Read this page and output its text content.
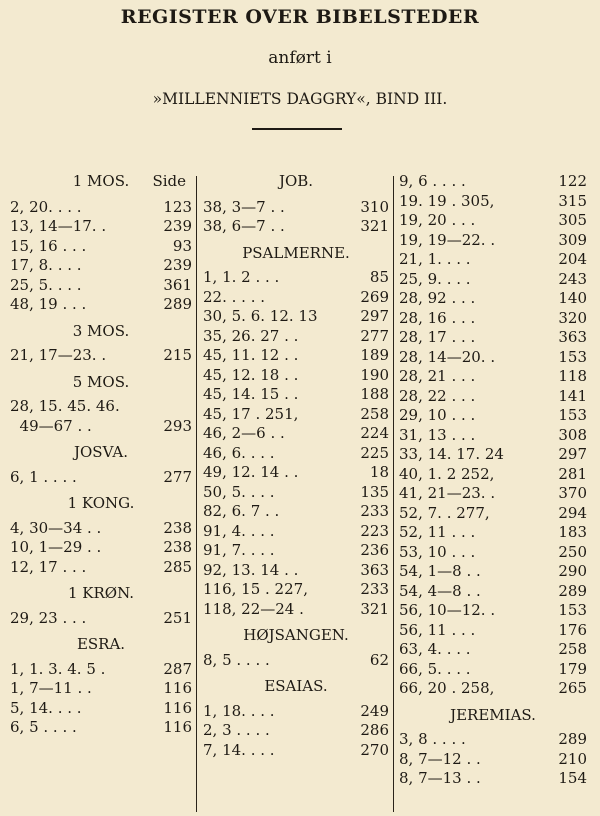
REGISTER OVER BIBELSTEDER
anført i
»MILLENNIETS DAGGRY«, BIND III.
1 MOS. Side
2, 20. . . .	123
13, 14—17. .	239
15, 16 . . .	93
17, 8. . . .	239
25, 5. . . .	361
48, 19 . . .	289
3 MOS.
21, 17—23. .	215
5 MOS.
28, 15. 45. 46.
49—67 . .	293
JOSVA.
6, 1 . . . .	277
1 KONG.
4, 30—34 . .	238
10, 1—29 . .	238
12, 17 . . .	285
1 KRØN.
29, 23 . . .	251
ESRA.
1, 1. 3. 4. 5 .	287
1, 7—11 . .	116
5, 14. . . .	116
6, 5 . . . .	116
JOB.
38, 3—7 . .	310
38, 6—7 . .	321
PSALMERNE.
1, 1. 2 . . .	85
22. . . . .	269
30, 5. 6. 12. 13	297
35, 26. 27 . .	277
45, 11. 12 . .	189
45, 12. 18 . .	190
45, 14. 15 . .	188
45, 17 . 251,	258
46, 2—6 . .	224
46, 6. . . .	225
49, 12. 14 . .	18
50, 5. . . .	135
82, 6. 7 . .	233
91, 4. . . .	223
91, 7. . . .	236
92, 13. 14 . .	363
116, 15 . 227,	233
118, 22—24 .	321
HØJSANGEN.
8, 5 . . . .	62
ESAIAS.
1, 18. . . .	249
2, 3 . . . .	286
7, 14. . . .	270
9, 6 . . . .	122
19. 19 . 305,	315
19, 20 . . .	305
19, 19—22. .	309
21, 1. . . .	204
25, 9. . . .	243
28, 92 . . .	140
28, 16 . . .	320
28, 17 . . .	363
28, 14—20. .	153
28, 21 . . .	118
28, 22 . . .	141
29, 10 . . .	153
31, 13 . . .	308
33, 14. 17. 24	297
40, 1. 2 252,	281
41, 21—23. .	370
52, 7. . 277,	294
52, 11 . . .	183
53, 10 . . .	250
54, 1—8 . .	290
54, 4—8 . .	289
56, 10—12. .	153
56, 11 . . .	176
63, 4. . . .	258
66, 5. . . .	179
66, 20 . 258,	265
JEREMIAS.
3, 8 . . . .	289
8, 7—12 . .	210
8, 7—13 . .	154
